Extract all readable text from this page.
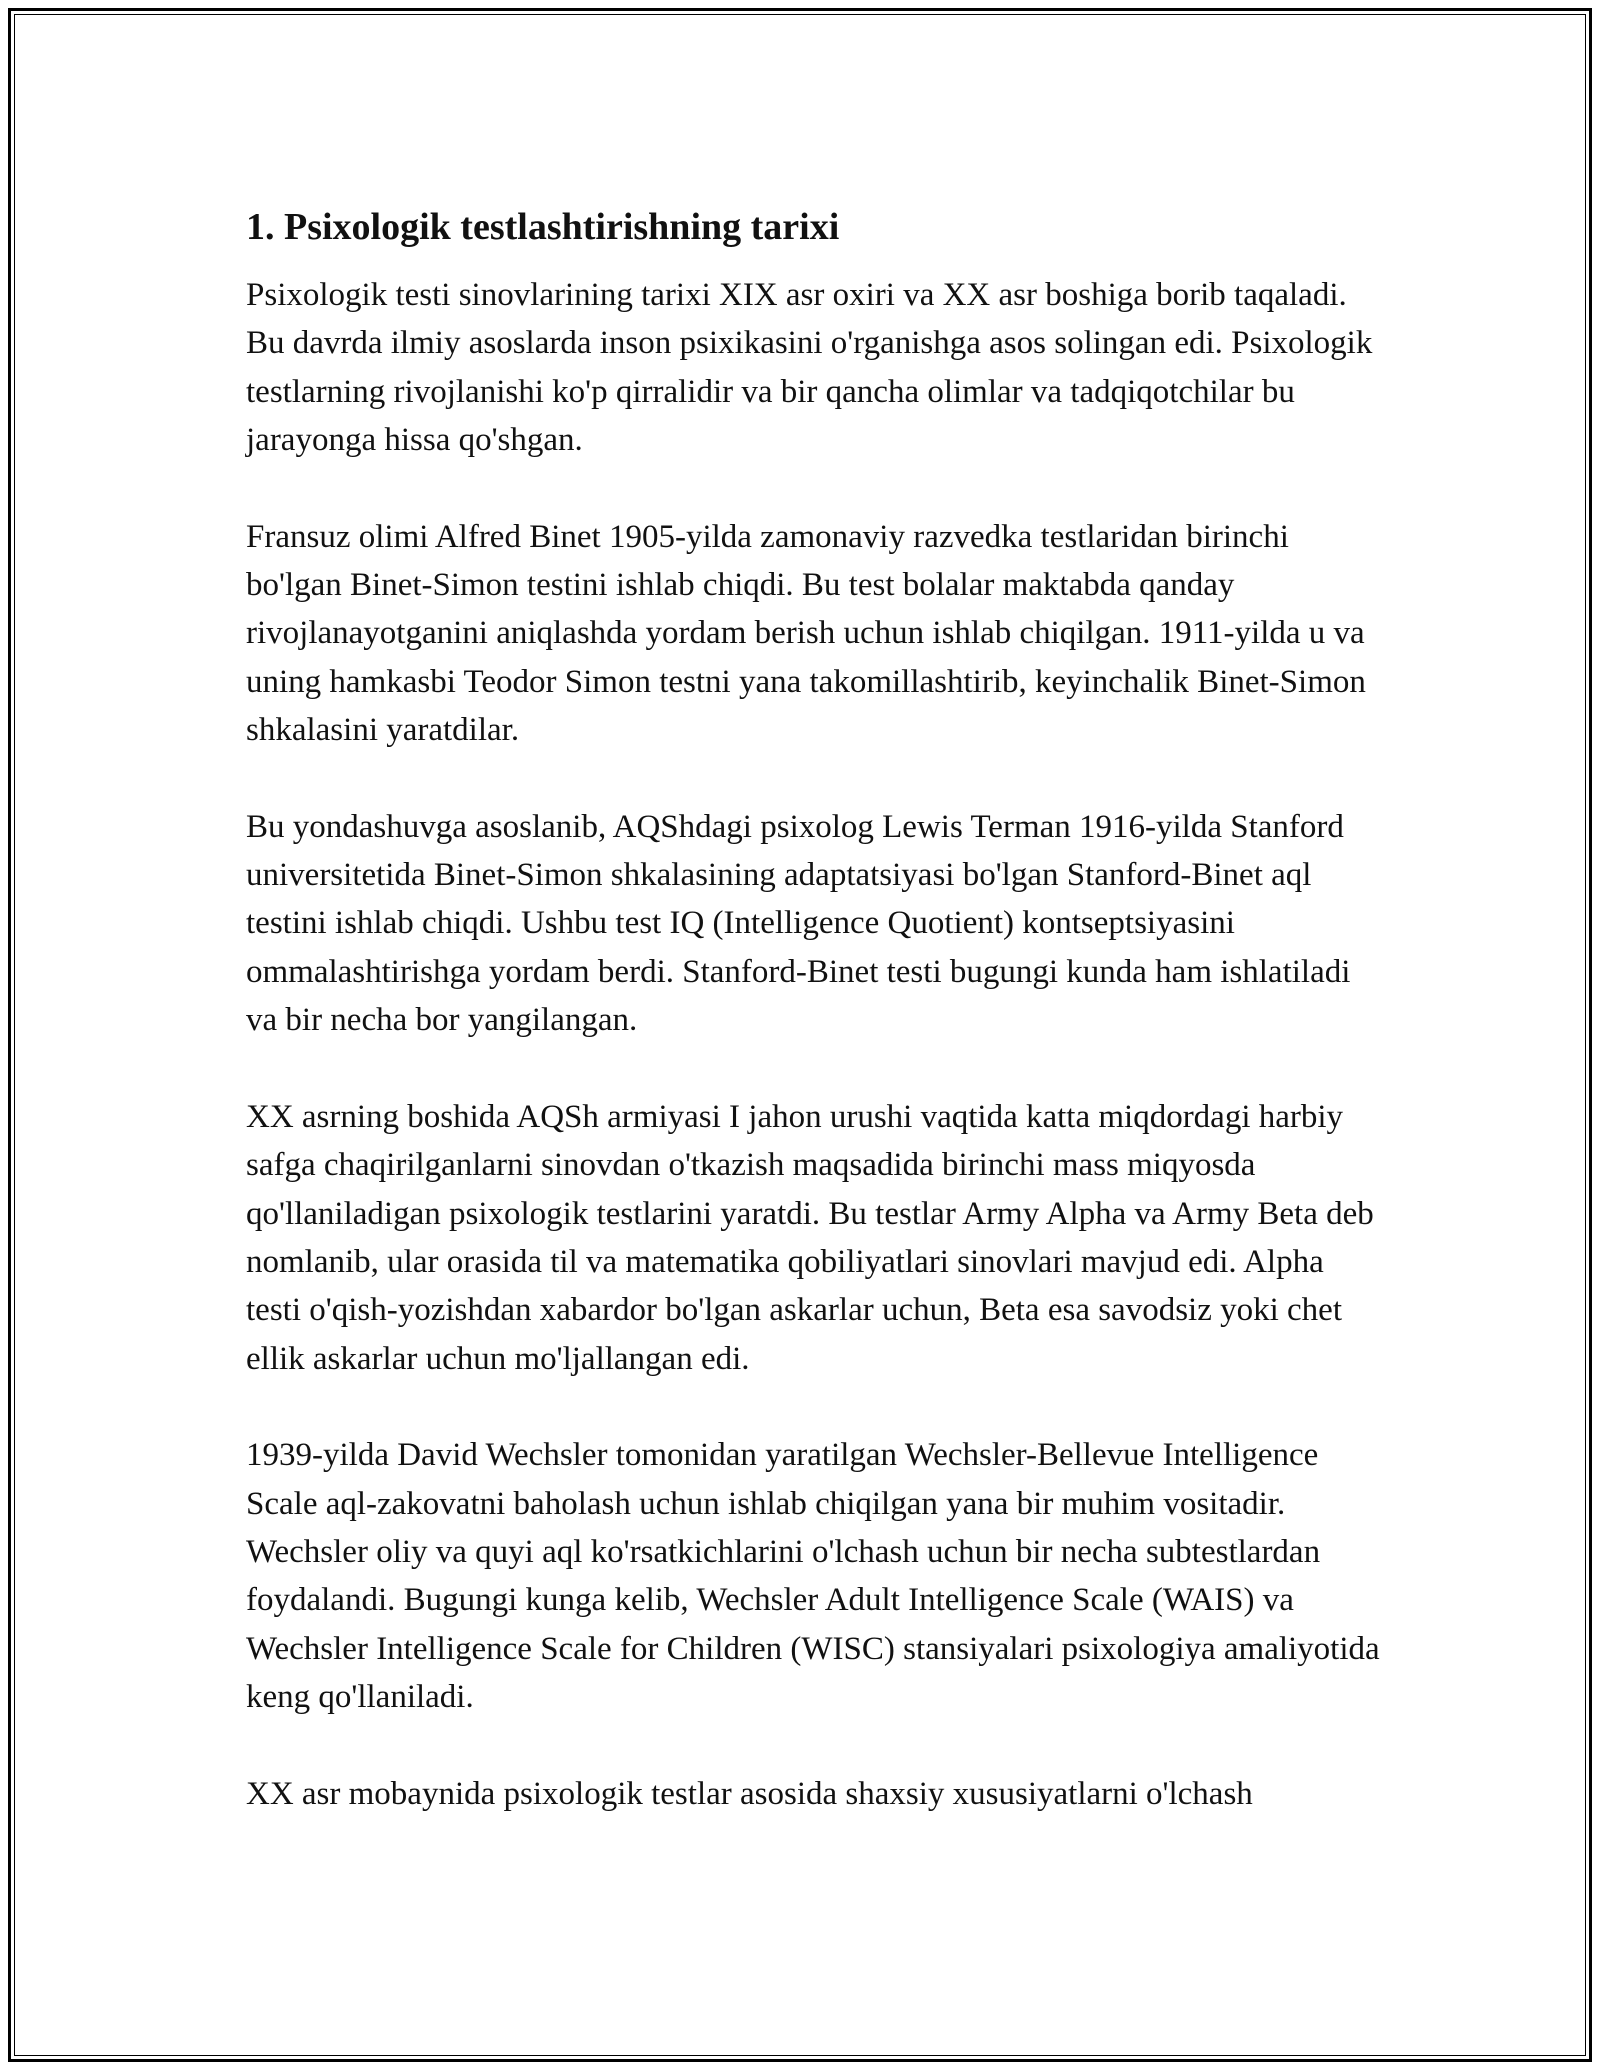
1. Psixologik testlashtirishning tarixi

Psixologik testi sinovlarining tarixi XIX asr oxiri va XX asr boshiga borib taqaladi. Bu davrda ilmiy asoslarda inson psixikasini o'rganishga asos solingan edi. Psixologik testlarning rivojlanishi ko'p qirralidir va bir qancha olimlar va tadqiqotchilar bu jarayonga hissa qo'shgan.

Fransuz olimi Alfred Binet 1905-yilda zamonaviy razvedka testlaridan birinchi bo'lgan Binet-Simon testini ishlab chiqdi. Bu test bolalar maktabda qanday rivojlanayotganini aniqlashda yordam berish uchun ishlab chiqilgan. 1911-yilda u va uning hamkasbi Teodor Simon testni yana takomillashtirib, keyinchalik Binet-Simon shkalasini yaratdilar.

Bu yondashuvga asoslanib, AQShdagi psixolog Lewis Terman 1916-yilda Stanford universitetida Binet-Simon shkalasining adaptatsiyasi bo'lgan Stanford-Binet aql testini ishlab chiqdi. Ushbu test IQ (Intelligence Quotient) kontseptsiyasini ommalashtirishga yordam berdi. Stanford-Binet testi bugungi kunda ham ishlatiladi va bir necha bor yangilangan.

XX asrning boshida AQSh armiyasi I jahon urushi vaqtida katta miqdordagi harbiy safga chaqirilganlarni sinovdan o'tkazish maqsadida birinchi mass miqyosda qo'llaniladigan psixologik testlarini yaratdi. Bu testlar Army Alpha va Army Beta deb nomlanib, ular orasida til va matematika qobiliyatlari sinovlari mavjud edi. Alpha testi o'qish-yozishdan xabardor bo'lgan askarlar uchun, Beta esa savodsiz yoki chet ellik askarlar uchun mo'ljallangan edi.

1939-yilda David Wechsler tomonidan yaratilgan Wechsler-Bellevue Intelligence Scale aql-zakovatni baholash uchun ishlab chiqilgan yana bir muhim vositadir. Wechsler oliy va quyi aql ko'rsatkichlarini o'lchash uchun bir necha subtestlardan foydalandi. Bugungi kunga kelib, Wechsler Adult Intelligence Scale (WAIS) va Wechsler Intelligence Scale for Children (WISC) stansiyalari psixologiya amaliyotida keng qo'llaniladi.

XX asr mobaynida psixologik testlar asosida shaxsiy xususiyatlarni o'lchash
